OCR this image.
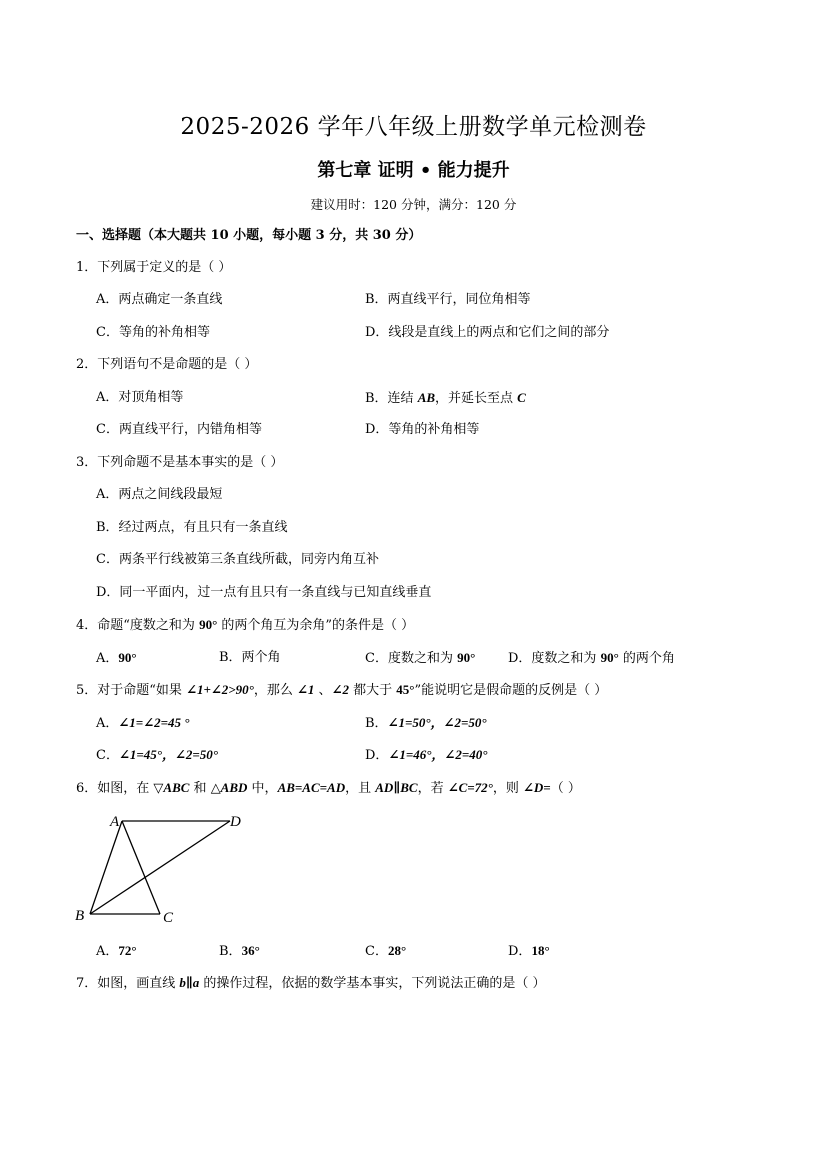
2025-2026 学年八年级上册数学单元检测卷
第七章 证明 • 能力提升
建议用时：120 分钟，满分：120 分
一、选择题（本大题共 10 小题，每小题 3 分，共 30 分）
1．下列属于定义的是（ ）
A．两点确定一条直线	B．两直线平行，同位角相等
C．等角的补角相等	D．线段是直线上的两点和它们之间的部分
2．下列语句不是命题的是（ ）
A．对顶角相等	B．连结 AB，并延长至点 C
C．两直线平行，内错角相等	D．等角的补角相等
3．下列命题不是基本事实的是（ ）
A．两点之间线段最短
B．经过两点，有且只有一条直线
C．两条平行线被第三条直线所截，同旁内角互补
D．同一平面内，过一点有且只有一条直线与已知直线垂直
4．命题“度数之和为 90° 的两个角互为余角”的条件是（ ）
A．90°	B．两个角	C．度数之和为 90°	D．度数之和为 90° 的两个角
5．对于命题“如果 ∠1+∠2>90°，那么 ∠1 、∠2 都大于 45°”能说明它是假命题的反例是（ ）
A．∠1=∠2=45 °	B．∠1=50°，∠2=50°
C．∠1=45°，∠2=50°	D．∠1=46°，∠2=40°
6．如图，在 ▽ABC 和 △ABD 中，AB=AC=AD，且 AD∥BC，若 ∠C=72°，则 ∠D=（ ）
A	D
B	C
A．72°	B．36°	C．28°	D．18°
7．如图，画直线 b∥a 的操作过程，依据的数学基本事实，下列说法正确的是（ ）
